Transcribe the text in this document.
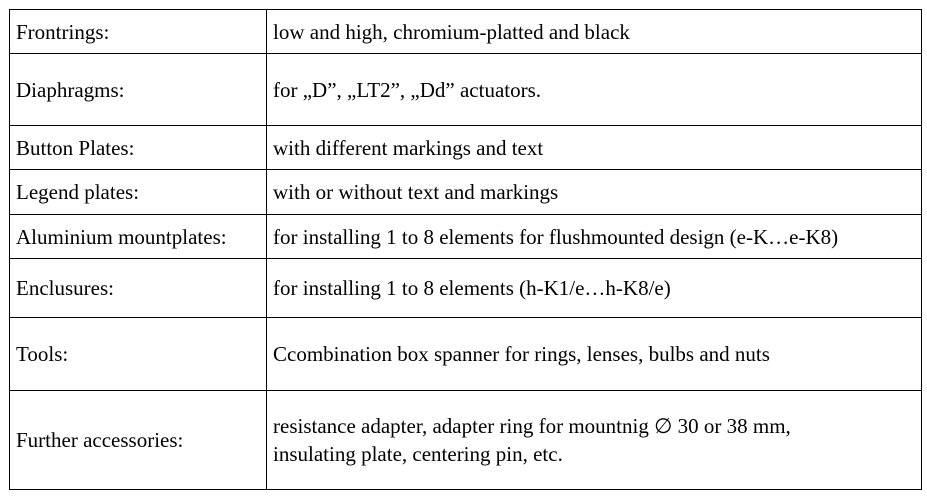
Frontrings:	low and high, chromium-platted and black

Diaphragms:	for „D”, „LT2”, „Dd” actuators.

Button Plates:	with different markings and text

Legend plates:	with or without text and markings

Aluminium mountplates:	for installing 1 to 8 elements for flushmounted design (e-K…e-K8)

Enclusures:	for installing 1 to 8 elements (h-K1/e…h-K8/e)

Tools:	Ccombination box spanner for rings, lenses, bulbs and nuts

Further accessories:	resistance adapter, adapter ring for mountnig ∅ 30 or 38 mm,
insulating plate, centering pin, etc.
